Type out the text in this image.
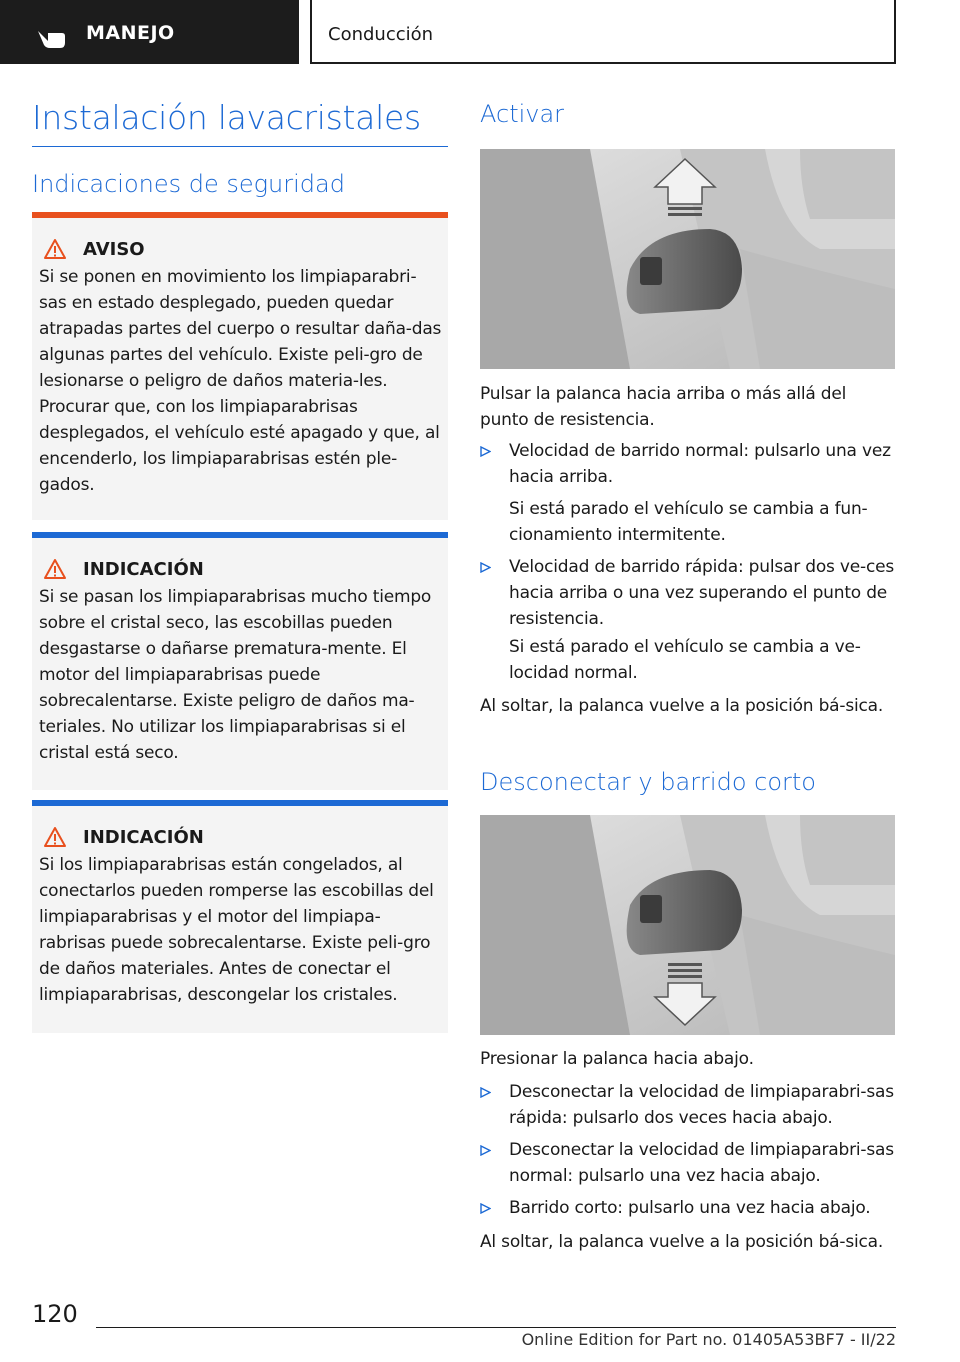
MANEJO	Conducción
Instalación lavacristales
Indicaciones de seguridad
AVISO
Si se ponen en movimiento los limpiaparabri-sas en estado desplegado, pueden quedar atrapadas partes del cuerpo o resultar daña-das algunas partes del vehículo. Existe peli-gro de lesionarse o peligro de daños materia-les. Procurar que, con los limpiaparabrisas desplegados, el vehículo esté apagado y que, al encenderlo, los limpiaparabrisas estén ple-gados.
INDICACIÓN
Si se pasan los limpiaparabrisas mucho tiempo sobre el cristal seco, las escobillas pueden desgastarse o dañarse prematura-mente. El motor del limpiaparabrisas puede sobrecalentarse. Existe peligro de daños ma-teriales. No utilizar los limpiaparabrisas si el cristal está seco.
INDICACIÓN
Si los limpiaparabrisas están congelados, al conectarlos pueden romperse las escobillas del limpiaparabrisas y el motor del limpiapa-rabrisas puede sobrecalentarse. Existe peli-gro de daños materiales. Antes de conectar el limpiaparabrisas, descongelar los cristales.
Activar
Pulsar la palanca hacia arriba o más allá del punto de resistencia.
Velocidad de barrido normal: pulsarlo una vez hacia arriba.
Si está parado el vehículo se cambia a fun-cionamiento intermitente.
Velocidad de barrido rápida: pulsar dos ve-ces hacia arriba o una vez superando el punto de resistencia.
Si está parado el vehículo se cambia a ve-locidad normal.
Al soltar, la palanca vuelve a la posición bá-sica.
Desconectar y barrido corto
Presionar la palanca hacia abajo.
Desconectar la velocidad de limpiaparabri-sas rápida: pulsarlo dos veces hacia abajo.
Desconectar la velocidad de limpiaparabri-sas normal: pulsarlo una vez hacia abajo.
Barrido corto: pulsarlo una vez hacia abajo.
Al soltar, la palanca vuelve a la posición bá-sica.
120
Online Edition for Part no. 01405A53BF7 - II/22
